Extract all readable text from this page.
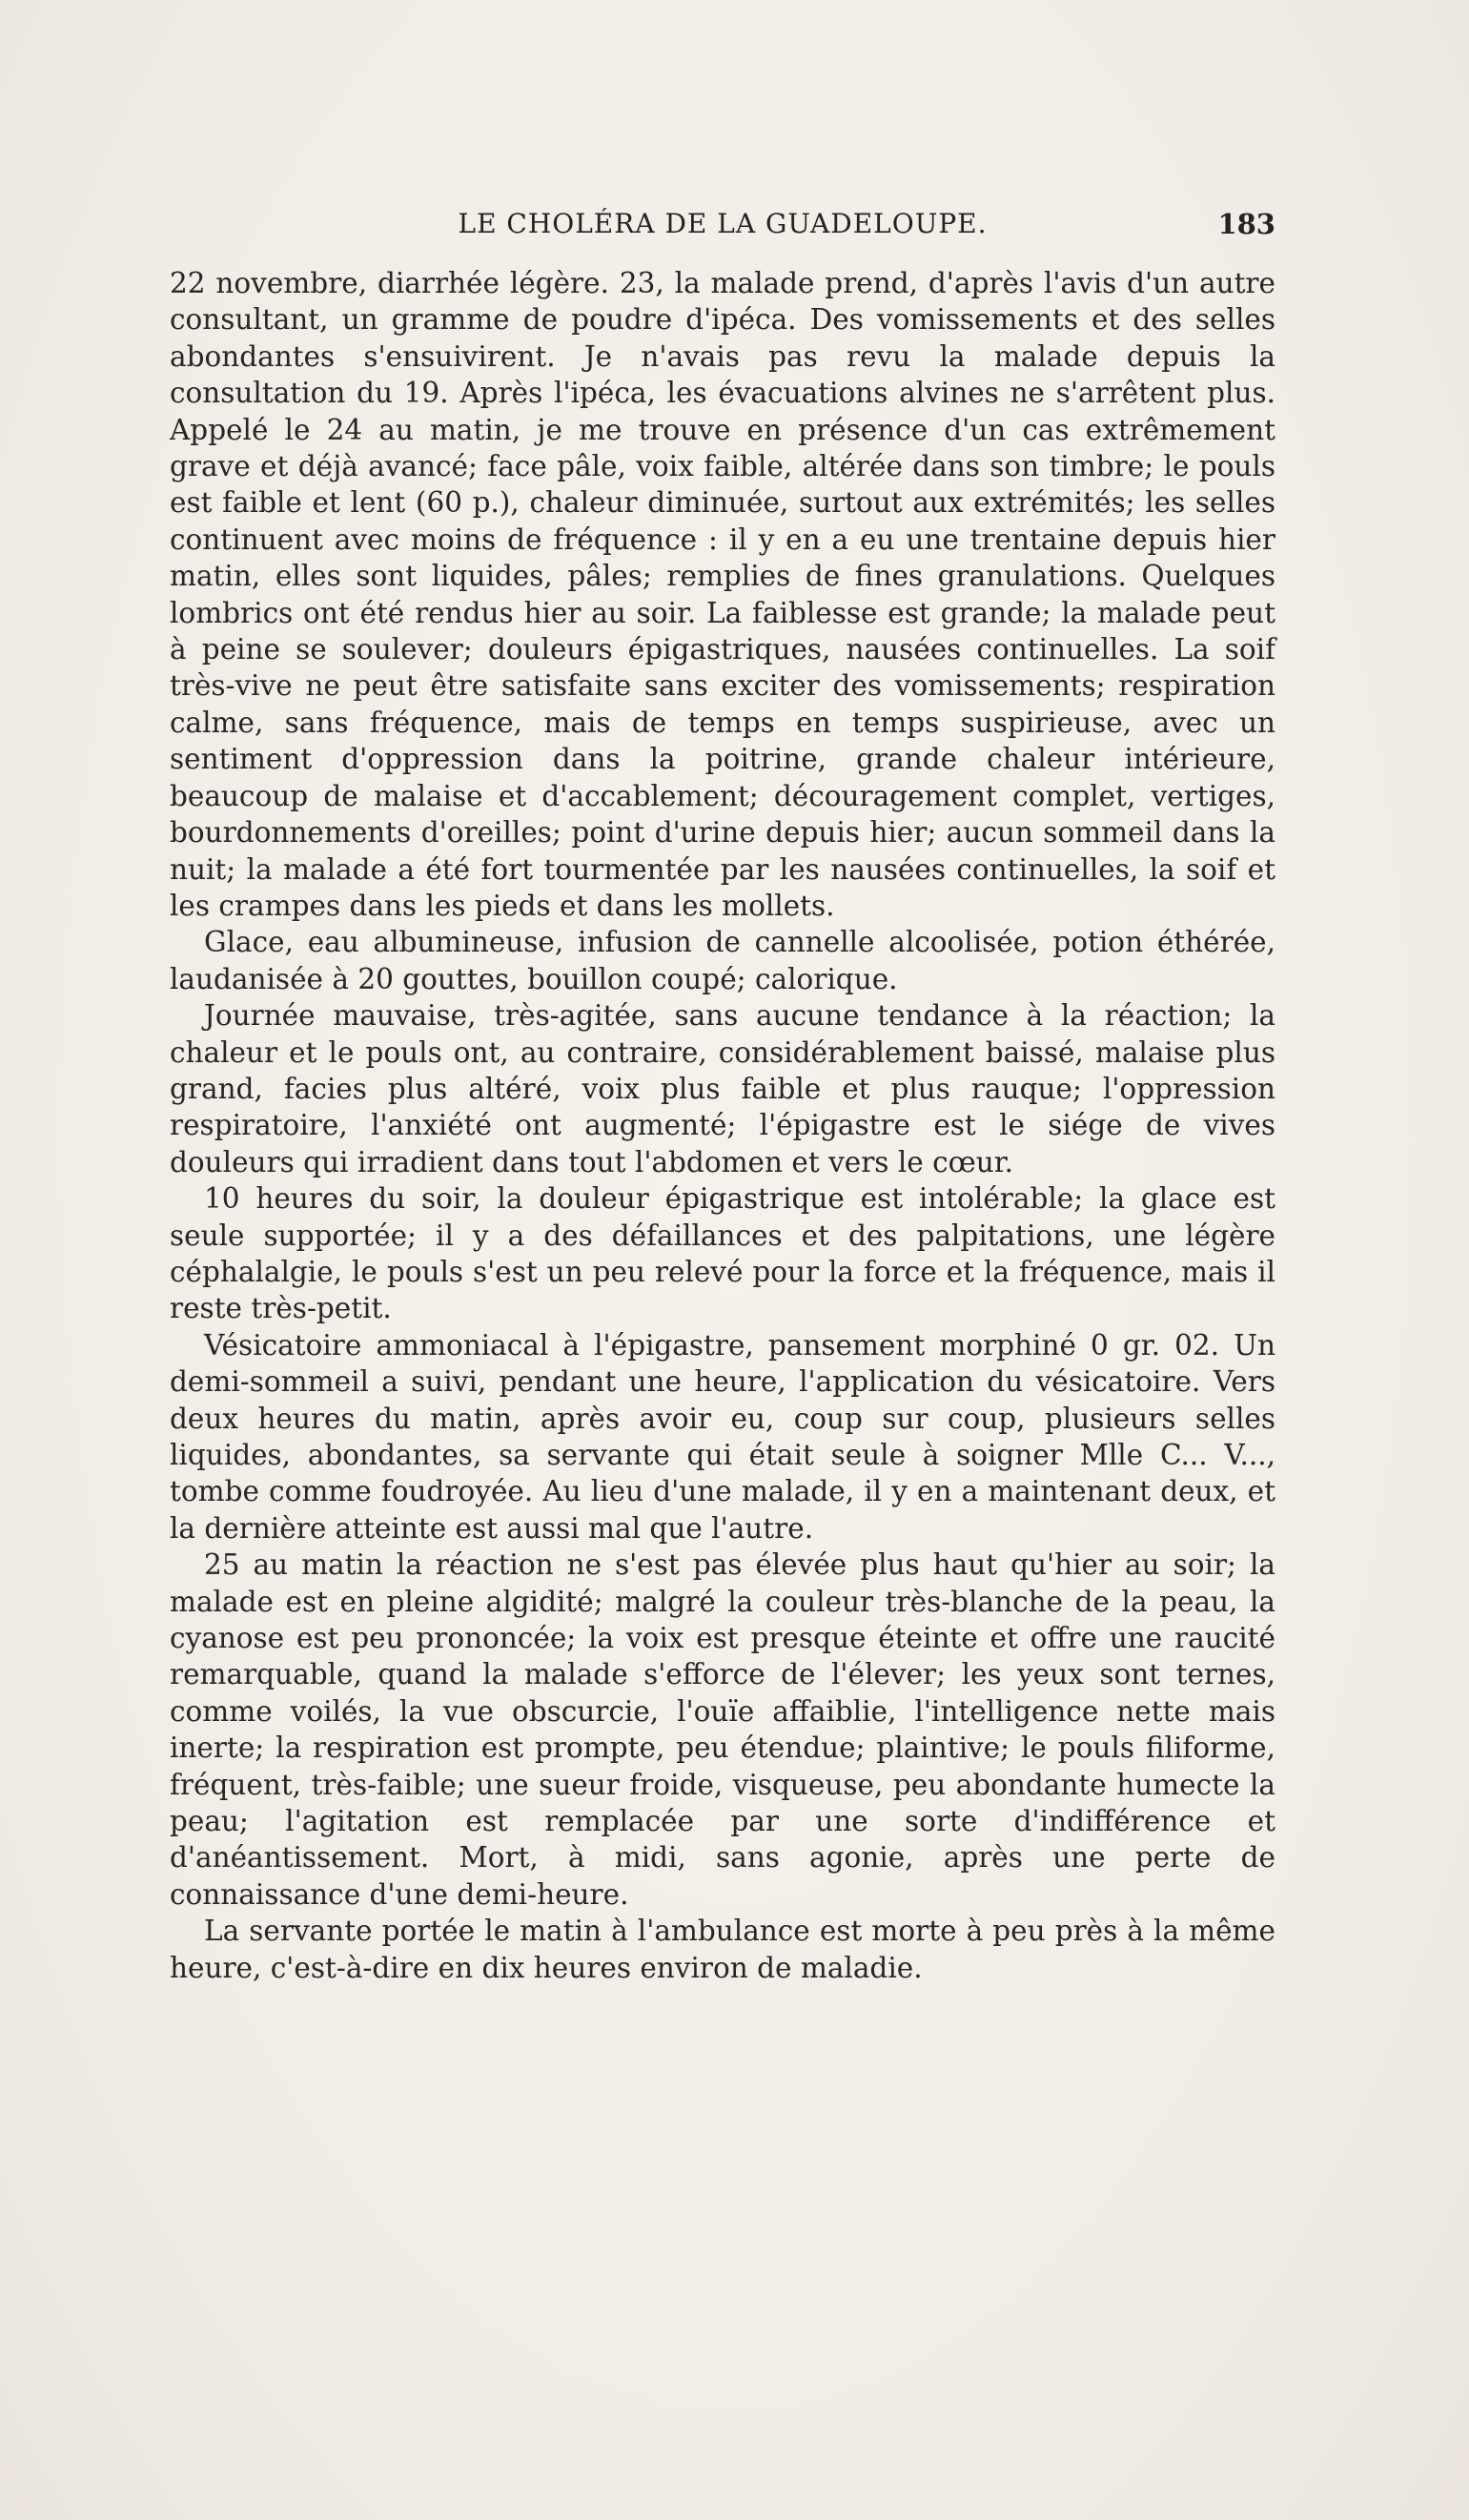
LE CHOLÉRA DE LA GUADELOUPE.	183

22 novembre, diarrhée légère. 23, la malade prend, d'après l'avis d'un autre consultant, un gramme de poudre d'ipéca. Des vomissements et des selles abondantes s'ensuivirent. Je n'avais pas revu la malade depuis la consultation du 19. Après l'ipéca, les évacuations alvines ne s'arrêtent plus. Appelé le 24 au matin, je me trouve en présence d'un cas extrêmement grave et déjà avancé; face pâle, voix faible, altérée dans son timbre; le pouls est faible et lent (60 p.), chaleur diminuée, surtout aux extrémités; les selles continuent avec moins de fréquence : il y en a eu une trentaine depuis hier matin, elles sont liquides, pâles; remplies de fines granulations. Quelques lombrics ont été rendus hier au soir. La faiblesse est grande; la malade peut à peine se soulever; douleurs épigastriques, nausées continuelles. La soif très-vive ne peut être satisfaite sans exciter des vomissements; respiration calme, sans fréquence, mais de temps en temps suspirieuse, avec un sentiment d'oppression dans la poitrine, grande chaleur intérieure, beaucoup de malaise et d'accablement; découragement complet, vertiges, bourdonnements d'oreilles; point d'urine depuis hier; aucun sommeil dans la nuit; la malade a été fort tourmentée par les nausées continuelles, la soif et les crampes dans les pieds et dans les mollets.

Glace, eau albumineuse, infusion de cannelle alcoolisée, potion éthérée, laudanisée à 20 gouttes, bouillon coupé; calorique.

Journée mauvaise, très-agitée, sans aucune tendance à la réaction; la chaleur et le pouls ont, au contraire, considérablement baissé, malaise plus grand, facies plus altéré, voix plus faible et plus rauque; l'oppression respiratoire, l'anxiété ont augmenté; l'épigastre est le siége de vives douleurs qui irradient dans tout l'abdomen et vers le cœur.

10 heures du soir, la douleur épigastrique est intolérable; la glace est seule supportée; il y a des défaillances et des palpitations, une légère céphalalgie, le pouls s'est un peu relevé pour la force et la fréquence, mais il reste très-petit.

Vésicatoire ammoniacal à l'épigastre, pansement morphiné 0 gr. 02. Un demi-sommeil a suivi, pendant une heure, l'application du vésicatoire. Vers deux heures du matin, après avoir eu, coup sur coup, plusieurs selles liquides, abondantes, sa servante qui était seule à soigner Mlle C... V..., tombe comme foudroyée. Au lieu d'une malade, il y en a maintenant deux, et la dernière atteinte est aussi mal que l'autre.

25 au matin la réaction ne s'est pas élevée plus haut qu'hier au soir; la malade est en pleine algidité; malgré la couleur très-blanche de la peau, la cyanose est peu prononcée; la voix est presque éteinte et offre une raucité remarquable, quand la malade s'efforce de l'élever; les yeux sont ternes, comme voilés, la vue obscurcie, l'ouïe affaiblie, l'intelligence nette mais inerte; la respiration est prompte, peu étendue; plaintive; le pouls filiforme, fréquent, très-faible; une sueur froide, visqueuse, peu abondante humecte la peau; l'agitation est remplacée par une sorte d'indifférence et d'anéantissement. Mort, à midi, sans agonie, après une perte de connaissance d'une demi-heure.

La servante portée le matin à l'ambulance est morte à peu près à la même heure, c'est-à-dire en dix heures environ de maladie.
